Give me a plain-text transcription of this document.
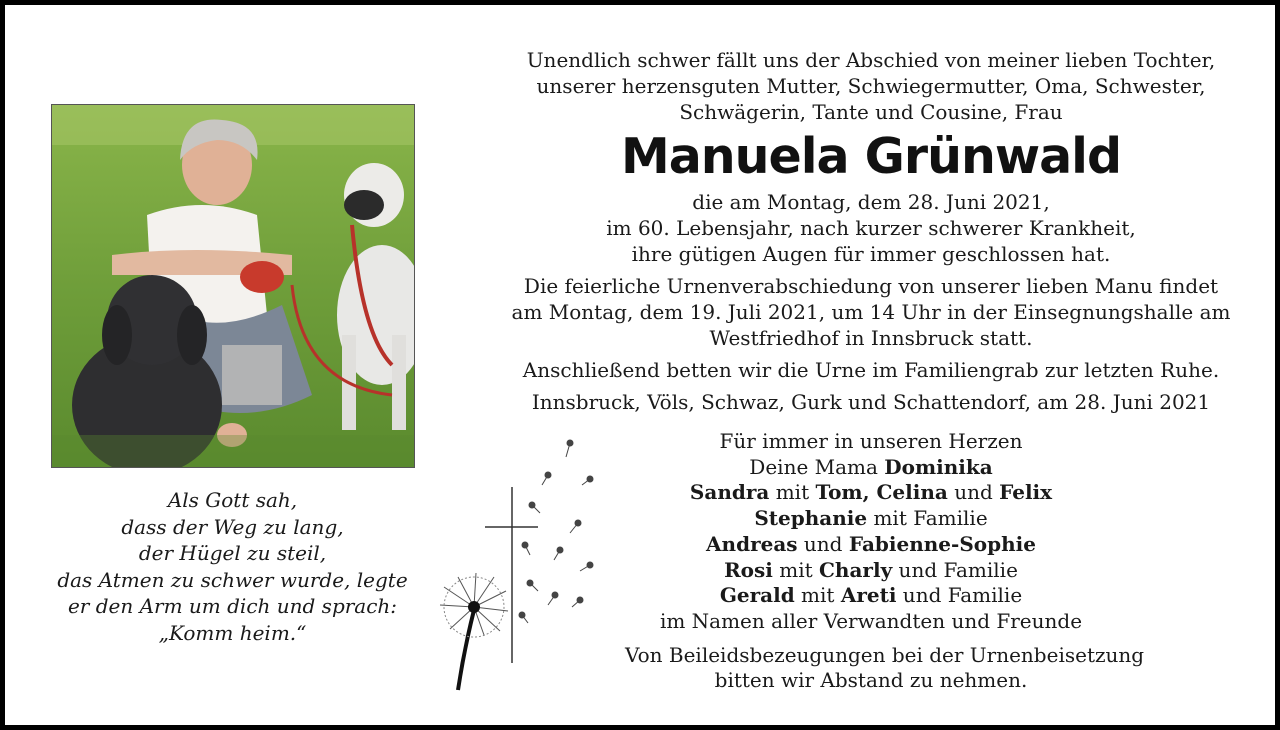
Als Gott sah,
dass der Weg zu lang,
der Hügel zu steil,
das Atmen zu schwer wurde, legte
er den Arm um dich und sprach:
„Komm heim.“
Unendlich schwer fällt uns der Abschied von meiner lieben Tochter,
unserer herzensguten Mutter, Schwiegermutter, Oma, Schwester,
Schwägerin, Tante und Cousine, Frau
Manuela Grünwald
die am Montag, dem 28. Juni 2021,
im 60. Lebensjahr, nach kurzer schwerer Krankheit,
ihre gütigen Augen für immer geschlossen hat.
Die feierliche Urnenverabschiedung von unserer lieben Manu findet
am Montag, dem 19. Juli 2021, um 14 Uhr in der Einsegnungshalle am
Westfriedhof in Innsbruck statt.
Anschließend betten wir die Urne im Familiengrab zur letzten Ruhe.
Innsbruck, Völs, Schwaz, Gurk und Schattendorf, am 28. Juni 2021
Für immer in unseren Herzen
Deine Mama Dominika
Sandra mit Tom, Celina und Felix
Stephanie mit Familie
Andreas und Fabienne-Sophie
Rosi mit Charly und Familie
Gerald mit Areti und Familie
im Namen aller Verwandten und Freunde
Von Beileidsbezeugungen bei der Urnenbeisetzung
bitten wir Abstand zu nehmen.
